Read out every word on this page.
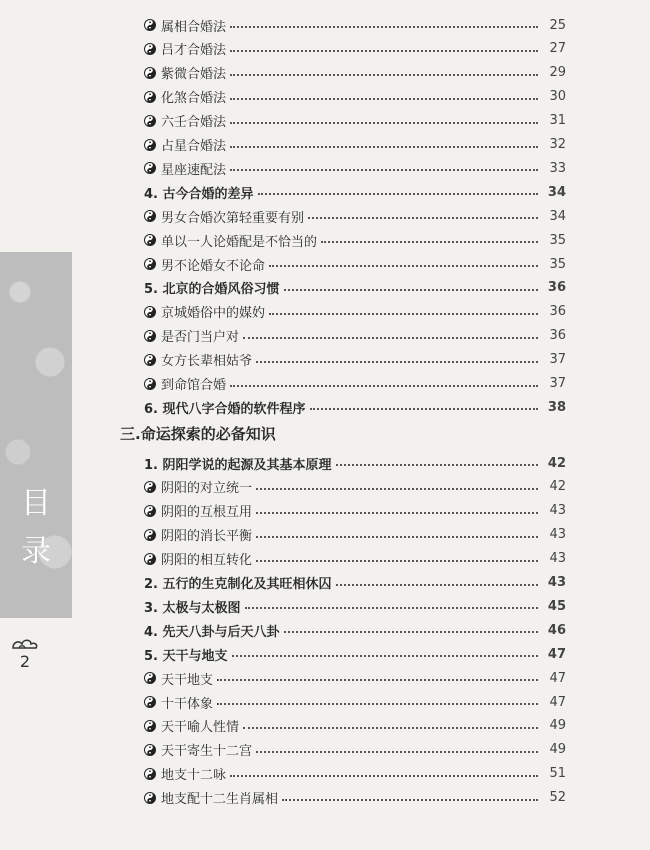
目
录
2
三.命运探索的必备知识
属相合婚法	25
吕才合婚法	27
紫微合婚法	29
化煞合婚法	30
六壬合婚法	31
占星合婚法	32
星座速配法	33
4. 古今合婚的差异	34
男女合婚次第轻重要有别	34
单以一人论婚配是不恰当的	35
男不论婚女不论命	35
5. 北京的合婚风俗习惯	36
京城婚俗中的媒妁	36
是否门当户对	36
女方长辈相姑爷	37
到命馆合婚	37
6. 现代八字合婚的软件程序	38
1. 阴阳学说的起源及其基本原理	42
阴阳的对立统一	42
阴阳的互根互用	43
阴阳的消长平衡	43
阴阳的相互转化	43
2. 五行的生克制化及其旺相休囚	43
3. 太极与太极图	45
4. 先天八卦与后天八卦	46
5. 天干与地支	47
天干地支	47
十干体象	47
天干喻人性情	49
天干寄生十二宫	49
地支十二咏	51
地支配十二生肖属相	52
